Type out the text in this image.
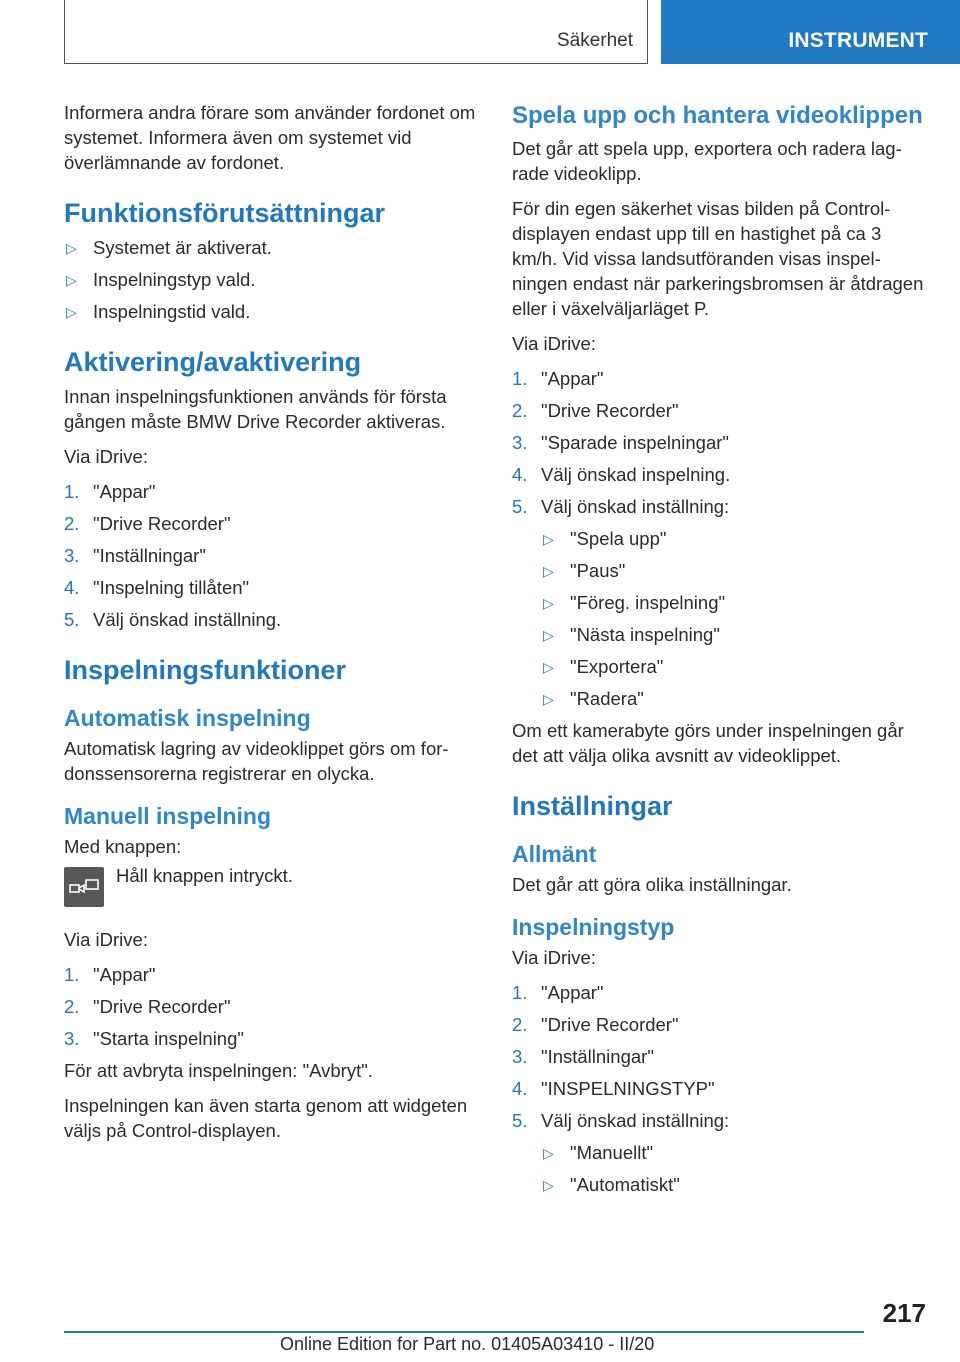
Säkerhet	INSTRUMENT

Informera andra förare som använder fordonet om systemet. Informera även om systemet vid överlämnande av fordonet.

Funktionsförutsättningar
▷ Systemet är aktiverat.
▷ Inspelningstyp vald.
▷ Inspelningstid vald.
Aktivering/avaktivering

Innan inspelningsfunktionen används för första gången måste BMW Drive Recorder aktiveras.

Via iDrive:

1. "Appar"
2. "Drive Recorder"
3. "Inställningar"
4. "Inspelning tillåten"
5. Välj önskad inställning.
Inspelningsfunktioner
Automatisk inspelning

Automatisk lagring av videoklippet görs om fordonssensorerna registrerar en olycka.

Manuell inspelning

Med knappen:

Håll knappen intryckt.

Via iDrive:

1. "Appar"
2. "Drive Recorder"
3. "Starta inspelning"

För att avbryta inspelningen: "Avbryt".

Inspelningen kan även starta genom att widgeten väljs på Control-displayen.

Spela upp och hantera videoklippen

Det går att spela upp, exportera och radera lagrade videoklipp.

För din egen säkerhet visas bilden på Control-displayen endast upp till en hastighet på ca 3 km/h. Vid vissa landsutföranden visas inspelningen endast när parkeringsbromsen är åtdragen eller i växelväljarläget P.

Via iDrive:

1. "Appar"
2. "Drive Recorder"
3. "Sparade inspelningar"
4. Välj önskad inspelning.
5. Välj önskad inställning:
▷ "Spela upp"
▷ "Paus"
▷ "Föreg. inspelning"
▷ "Nästa inspelning"
▷ "Exportera"
▷ "Radera"

Om ett kamerabyte görs under inspelningen går det att välja olika avsnitt av videoklippet.

Inställningar
Allmänt

Det går att göra olika inställningar.

Inspelningstyp

Via iDrive:

1. "Appar"
2. "Drive Recorder"
3. "Inställningar"
4. "INSPELNINGSTYP"
5. Välj önskad inställning:
▷ "Manuellt"
▷ "Automatiskt"
217
Online Edition for Part no. 01405A03410 - II/20
